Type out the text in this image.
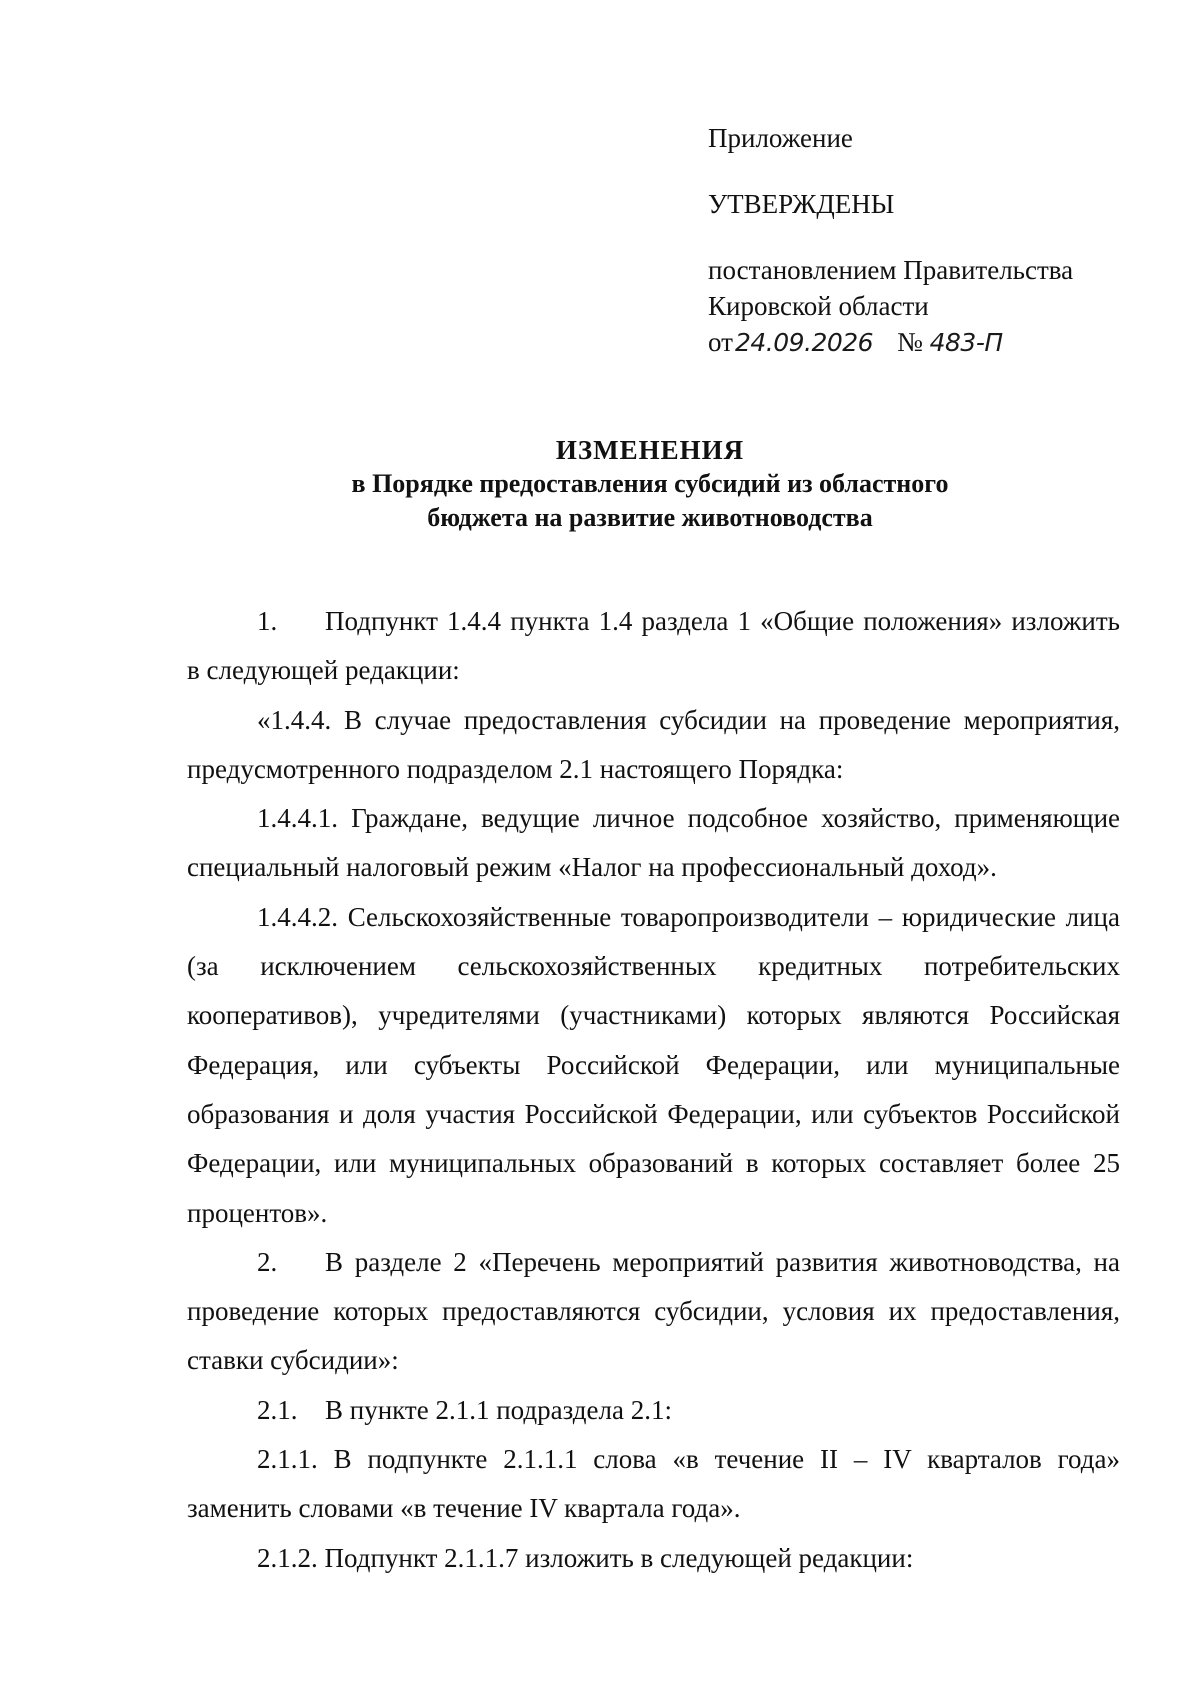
Приложение
УТВЕРЖДЕНЫ
постановлением Правительства
Кировской области
от24.09.2026 № 483-П
ИЗМЕНЕНИЯ
в Порядке предоставления субсидий из областного
бюджета на развитие животноводства

1. Подпункт 1.4.4 пункта 1.4 раздела 1 «Общие положения» изложить в следующей редакции:

«1.4.4. В случае предоставления субсидии на проведение мероприятия, предусмотренного подразделом 2.1 настоящего Порядка:

1.4.4.1. Граждане, ведущие личное подсобное хозяйство, применяющие специальный налоговый режим «Налог на профессиональный доход».

1.4.4.2. Сельскохозяйственные товаропроизводители – юридические лица (за исключением сельскохозяйственных кредитных потребительских кооперативов), учредителями (участниками) которых являются Российская Федерация, или субъекты Российской Федерации, или муниципальные образования и доля участия Российской Федерации, или субъектов Российской Федерации, или муниципальных образований в которых составляет более 25 процентов».

2. В разделе 2 «Перечень мероприятий развития животноводства, на проведение которых предоставляются субсидии, условия их предоставления, ставки субсидии»:

2.1. В пункте 2.1.1 подраздела 2.1:

2.1.1. В подпункте 2.1.1.1 слова «в течение II – IV кварталов года» заменить словами «в течение IV квартала года».

2.1.2. Подпункт 2.1.1.7 изложить в следующей редакции:
